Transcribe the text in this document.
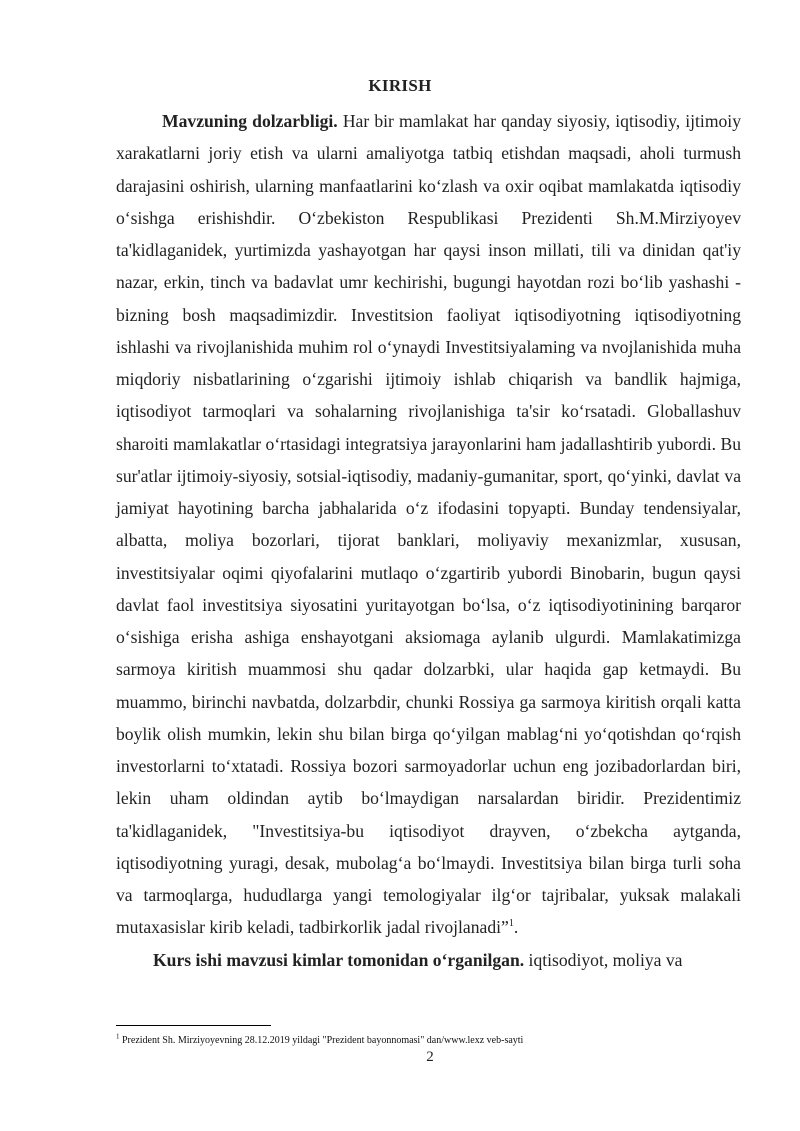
KIRISH

Mavzuning dolzarbligi. Har bir mamlakat har qanday siyosiy, iqtisodiy, ijtimoiy xarakatlarni joriy etish va ularni amaliyotga tatbiq etishdan maqsadi, aholi turmush darajasini oshirish, ularning manfaatlarini ko‘zlash va oxir oqibat mamlakatda iqtisodiy o‘sishga erishishdir. O‘zbekiston Respublikasi Prezidenti Sh.M.Mirziyoyev ta'kidlaganidek, yurtimizda yashayotgan har qaysi inson millati, tili va dinidan qat'iy nazar, erkin, tinch va badavlat umr kechirishi, bugungi hayotdan rozi bo‘lib yashashi - bizning bosh maqsadimizdir. Investitsion faoliyat iqtisodiyotning iqtisodiyotning ishlashi va rivojlanishida muhim rol o‘ynaydi Investitsiyalaming va nvojlanishida muha miqdoriy nisbatlarining o‘zgarishi ijtimoiy ishlab chiqarish va bandlik hajmiga, iqtisodiyot tarmoqlari va sohalarning rivojlanishiga ta'sir ko‘rsatadi. Globallashuv sharoiti mamlakatlar o‘rtasidagi integratsiya jarayonlarini ham jadallashtirib yubordi. Bu sur'atlar ijtimoiy-siyosiy, sotsial-iqtisodiy, madaniy-gumanitar, sport, qo‘yinki, davlat va jamiyat hayotining barcha jabhalarida o‘z ifodasini topyapti. Bunday tendensiyalar, albatta, moliya bozorlari, tijorat banklari, moliyaviy mexanizmlar, xususan, investitsiyalar oqimi qiyofalarini mutlaqo o‘zgartirib yubordi Binobarin, bugun qaysi davlat faol investitsiya siyosatini yuritayotgan bo‘lsa, o‘z iqtisodiyotinining barqaror o‘sishiga erisha ashiga enshayotgani aksiomaga aylanib ulgurdi. Mamlakatimizga sarmoya kiritish muammosi shu qadar dolzarbki, ular haqida gap ketmaydi. Bu muammo, birinchi navbatda, dolzarbdir, chunki Rossiya ga sarmoya kiritish orqali katta boylik olish mumkin, lekin shu bilan birga qo‘yilgan mablag‘ni yo‘qotishdan qo‘rqish investorlarni to‘xtatadi. Rossiya bozori sarmoyadorlar uchun eng jozibadorlardan biri, lekin uham oldindan aytib bo‘lmaydigan narsalardan biridir. Prezidentimiz ta'kidlaganidek, "Investitsiya-bu iqtisodiyot drayven, o‘zbekcha aytganda, iqtisodiyotning yuragi, desak, mubolag‘a bo‘lmaydi. Investitsiya bilan birga turli soha va tarmoqlarga, hududlarga yangi temologiyalar ilg‘or tajribalar, yuksak malakali mutaxasislar kirib keladi, tadbirkorlik jadal rivojlanadi”$^1$.

Kurs ishi mavzusi kimlar tomonidan o‘rganilgan. iqtisodiyot, moliya va

$^1$ Prezident Sh. Mirziyoyevning 28.12.2019 yildagi "Prezident bayonnomasi" dan/www.lexz veb-sayti
2
